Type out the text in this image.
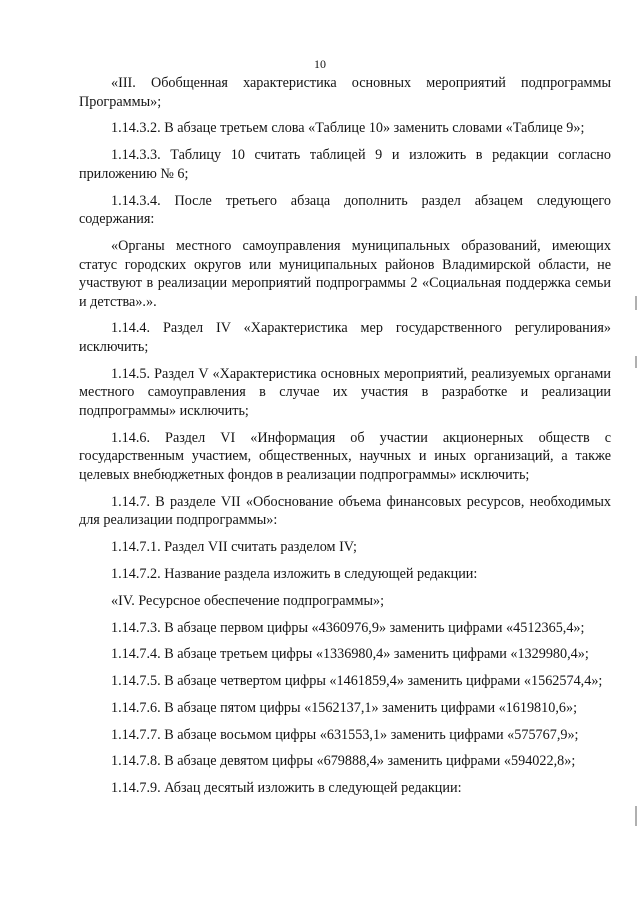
10

«III. Обобщенная характеристика основных мероприятий подпрограммы Программы»;

1.14.3.2. В абзаце третьем слова «Таблице 10» заменить словами «Таблице 9»;

1.14.3.3. Таблицу 10 считать таблицей 9 и изложить в редакции согласно приложению № 6;

1.14.3.4. После третьего абзаца дополнить раздел абзацем следующего содержания:

«Органы местного самоуправления муниципальных образований, имеющих статус городских округов или муниципальных районов Владимирской области, не участвуют в реализации мероприятий подпрограммы 2 «Социальная поддержка семьи и детства».».

1.14.4. Раздел IV «Характеристика мер государственного регулирования» исключить;

1.14.5. Раздел V «Характеристика основных мероприятий, реализуемых органами местного самоуправления в случае их участия в разработке и реализации подпрограммы» исключить;

1.14.6. Раздел VI «Информация об участии акционерных обществ с государственным участием, общественных, научных и иных организаций, а также целевых внебюджетных фондов в реализации подпрограммы» исключить;

1.14.7. В разделе VII «Обоснование объема финансовых ресурсов, необходимых для реализации подпрограммы»:

1.14.7.1. Раздел VII считать разделом IV;

1.14.7.2. Название раздела изложить в следующей редакции:

«IV. Ресурсное обеспечение подпрограммы»;

1.14.7.3. В абзаце первом цифры «4360976,9» заменить цифрами «4512365,4»;

1.14.7.4. В абзаце третьем цифры «1336980,4» заменить цифрами «1329980,4»;

1.14.7.5. В абзаце четвертом цифры «1461859,4» заменить цифрами «1562574,4»;

1.14.7.6. В абзаце пятом цифры «1562137,1» заменить цифрами «1619810,6»;

1.14.7.7. В абзаце восьмом цифры «631553,1» заменить цифрами «575767,9»;

1.14.7.8. В абзаце девятом цифры «679888,4» заменить цифрами «594022,8»;

1.14.7.9. Абзац десятый изложить в следующей редакции:
